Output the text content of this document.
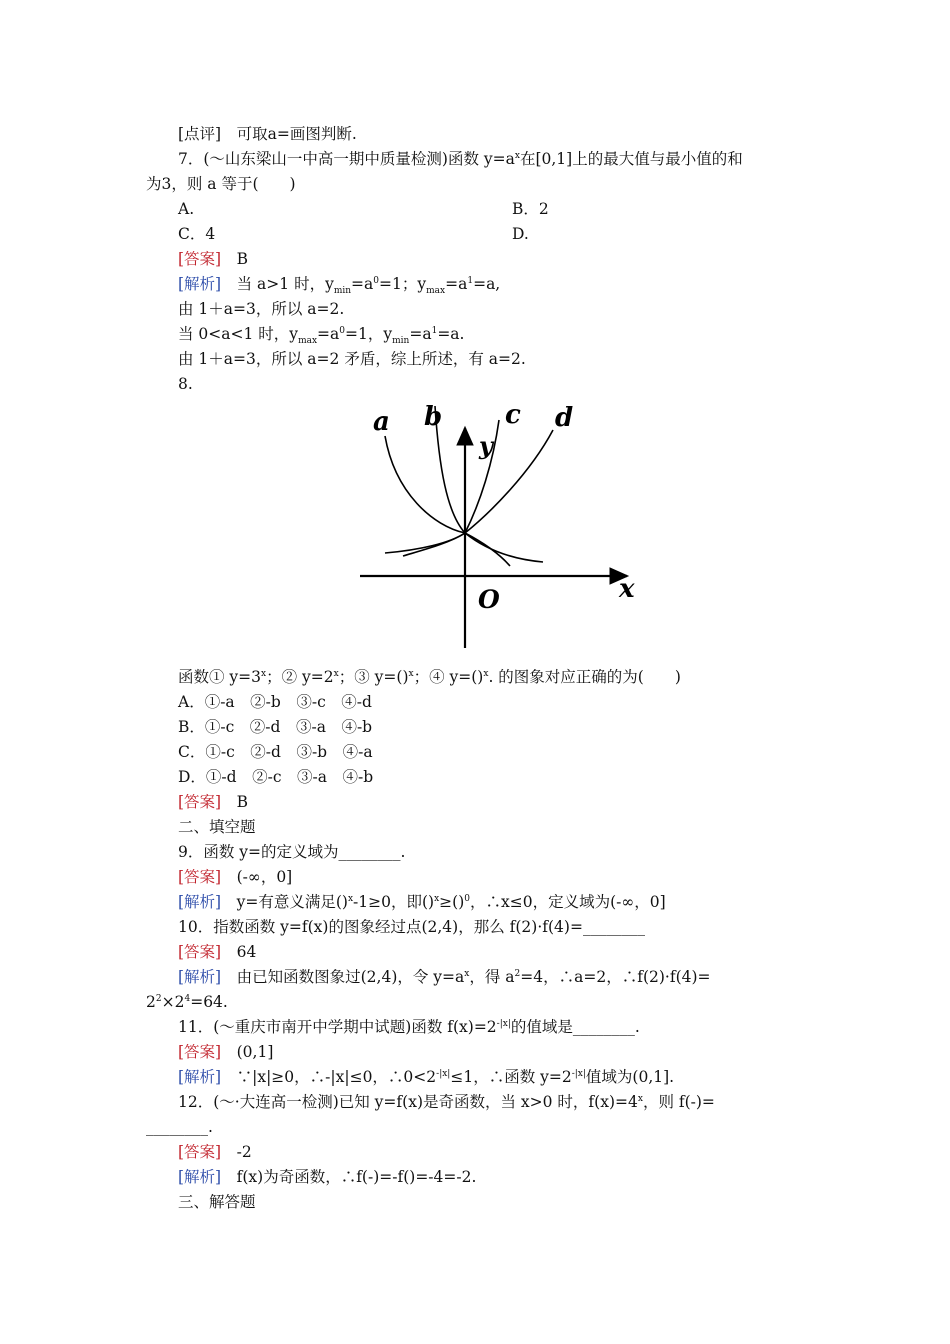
[点评]　可取a=画图判断.
7．(～山东梁山一中高一期中质量检测)函数 $y=a^x$在[0,1]上的最大值与最小值的和
为3，则 a 等于(　　)
A.	B．2
C．4	D.
[答案]　 B
[解析]　 当 a>1 时，$y_{min}=a^0=1$；$y_{max}=a^1=a$,
由 1＋a=3，所以 a=2.
当 0<a<1 时，$y_{max}=a^0=1$，$y_{min}=a^1=a$.
由 1＋a=3，所以 a=2 矛盾，综上所述，有 a=2.
8.
a b c d
y
x
O
函数① $y=3^x$；② $y=2^x$；③ y=()$^x$；④ y=()$^x$. 的图象对应正确的为(　　)
A．①-a　②-b　③-c　④-d
B．①-c　②-d　③-a　④-b
C．①-c　②-d　③-b　④-a
D．①-d　②-c　③-a　④-b
[答案]　 B
二、填空题
9．函数 y=的定义域为________.
[答案]　 (-∞，0]
[解析]　 y=有意义满足()$^x$-1≥0，即()$^x$≥()$^0$，∴x≤0，定义域为(-∞，0]
10．指数函数 y=f(x)的图象经过点(2,4)，那么 f(2)·f(4)=________
[答案]　 64
[解析]　 由已知函数图象过(2,4)，令 $y=a^x$，得 $a^2=4$，∴a=2，∴f(2)·f(4)=
$2^2\times 2^4=64$.
11．(～重庆市南开中学期中试题)函数 $f(x)=2^{-|x|}$的值域是________.
[答案]　 (0,1]
[解析]　 ∵|x|≥0，∴-|x|≤0，$\therefore 0<2^{-|x|}\le 1$，∴函数 $y=2^{-|x|}$值域为(0,1].
12．(～·大连高一检测)已知 y=f(x)是奇函数，当 x>0 时，$f(x)=4^x$，则 f(-)=
________.
[答案]　 -2
[解析]　 f(x)为奇函数，∴f(-)=-f()=-4=-2.
三、解答题
